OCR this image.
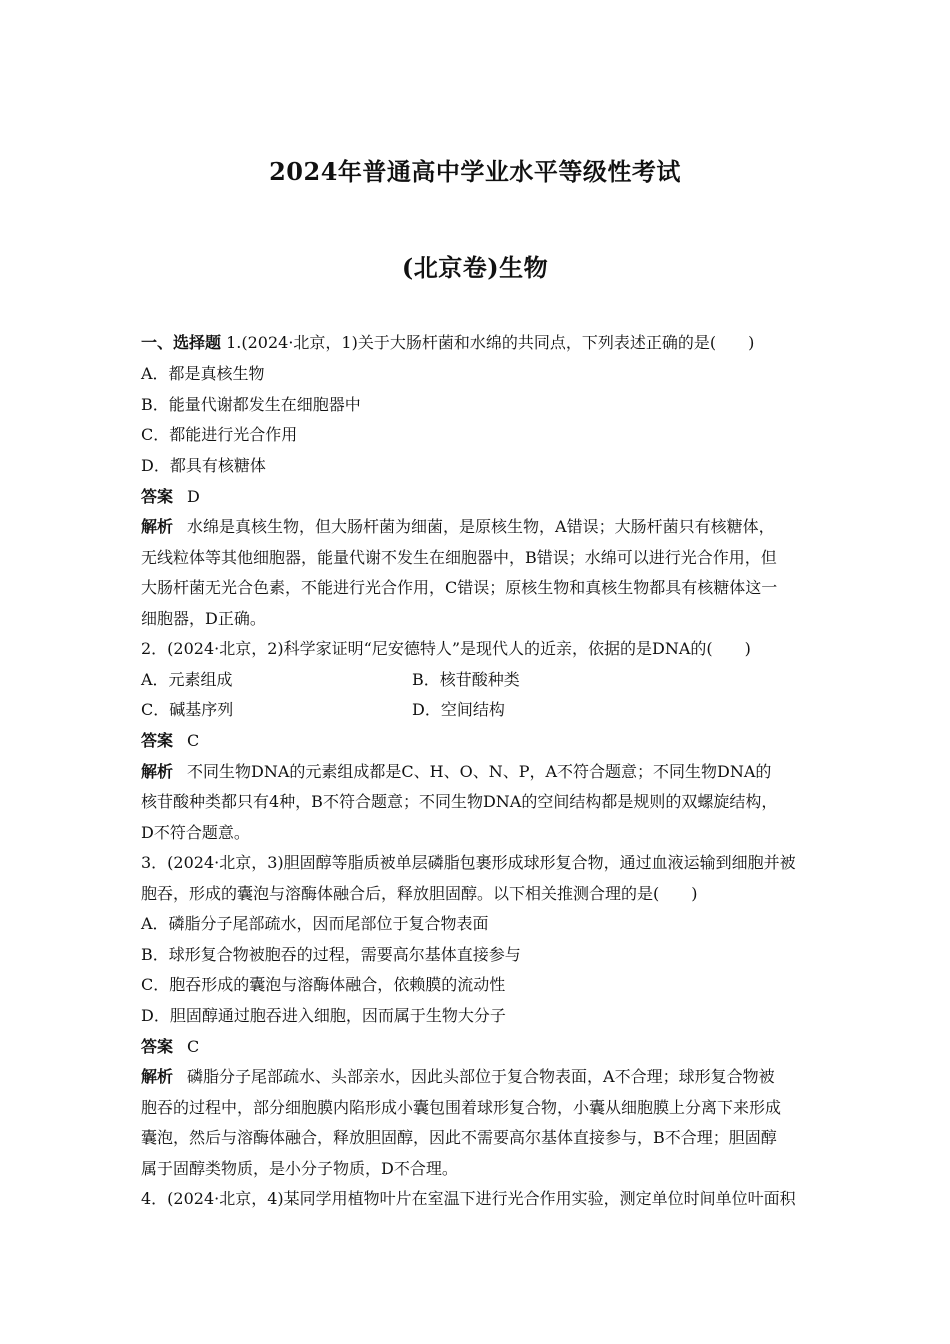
2024年普通高中学业水平等级性考试
(北京卷)生物
一、选择题 1.(2024·北京，1)关于大肠杆菌和水绵的共同点，下列表述正确的是(　　)
A．都是真核生物
B．能量代谢都发生在细胞器中
C．都能进行光合作用
D．都具有核糖体
答案 D
解析 水绵是真核生物，但大肠杆菌为细菌，是原核生物，A错误；大肠杆菌只有核糖体，
无线粒体等其他细胞器，能量代谢不发生在细胞器中，B错误；水绵可以进行光合作用，但
大肠杆菌无光合色素，不能进行光合作用，C错误；原核生物和真核生物都具有核糖体这一
细胞器，D正确。
2．(2024·北京，2)科学家证明“尼安德特人”是现代人的近亲，依据的是DNA的(　　)
A．元素组成	B．核苷酸种类
C．碱基序列	D．空间结构
答案 C
解析 不同生物DNA的元素组成都是C、H、O、N、P，A不符合题意；不同生物DNA的
核苷酸种类都只有4种，B不符合题意；不同生物DNA的空间结构都是规则的双螺旋结构，
D不符合题意。
3．(2024·北京，3)胆固醇等脂质被单层磷脂包裹形成球形复合物，通过血液运输到细胞并被
胞吞，形成的囊泡与溶酶体融合后，释放胆固醇。以下相关推测合理的是(　　)
A．磷脂分子尾部疏水，因而尾部位于复合物表面
B．球形复合物被胞吞的过程，需要高尔基体直接参与
C．胞吞形成的囊泡与溶酶体融合，依赖膜的流动性
D．胆固醇通过胞吞进入细胞，因而属于生物大分子
答案 C
解析 磷脂分子尾部疏水、头部亲水，因此头部位于复合物表面，A不合理；球形复合物被
胞吞的过程中，部分细胞膜内陷形成小囊包围着球形复合物，小囊从细胞膜上分离下来形成
囊泡，然后与溶酶体融合，释放胆固醇，因此不需要高尔基体直接参与，B不合理；胆固醇
属于固醇类物质，是小分子物质，D不合理。
4．(2024·北京，4)某同学用植物叶片在室温下进行光合作用实验，测定单位时间单位叶面积
